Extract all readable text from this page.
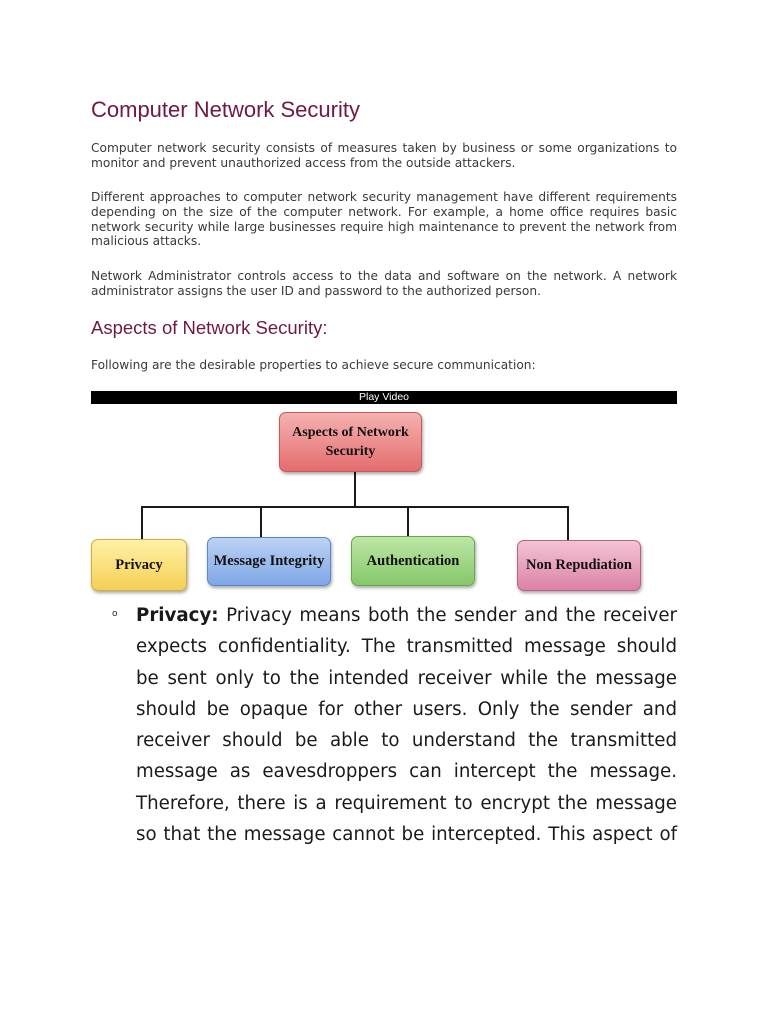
Computer Network Security

Computer network security consists of measures taken by business or some organizations to monitor and prevent unauthorized access from the outside attackers.

Different approaches to computer network security management have different requirements depending on the size of the computer network. For example, a home office requires basic network security while large businesses require high maintenance to prevent the network from malicious attacks.

Network Administrator controls access to the data and software on the network. A network administrator assigns the user ID and password to the authorized person.

Aspects of Network Security:

Following are the desirable properties to achieve secure communication:

Play Video
Aspects of Network Security
Privacy	Message Integrity	Authentication	Non Repudiation
o Privacy: Privacy means both the sender and the receiver expects confidentiality. The transmitted message should be sent only to the intended receiver while the message should be opaque for other users. Only the sender and receiver should be able to understand the transmitted message as eavesdroppers can intercept the message. Therefore, there is a requirement to encrypt the message so that the message cannot be intercepted. This aspect of
